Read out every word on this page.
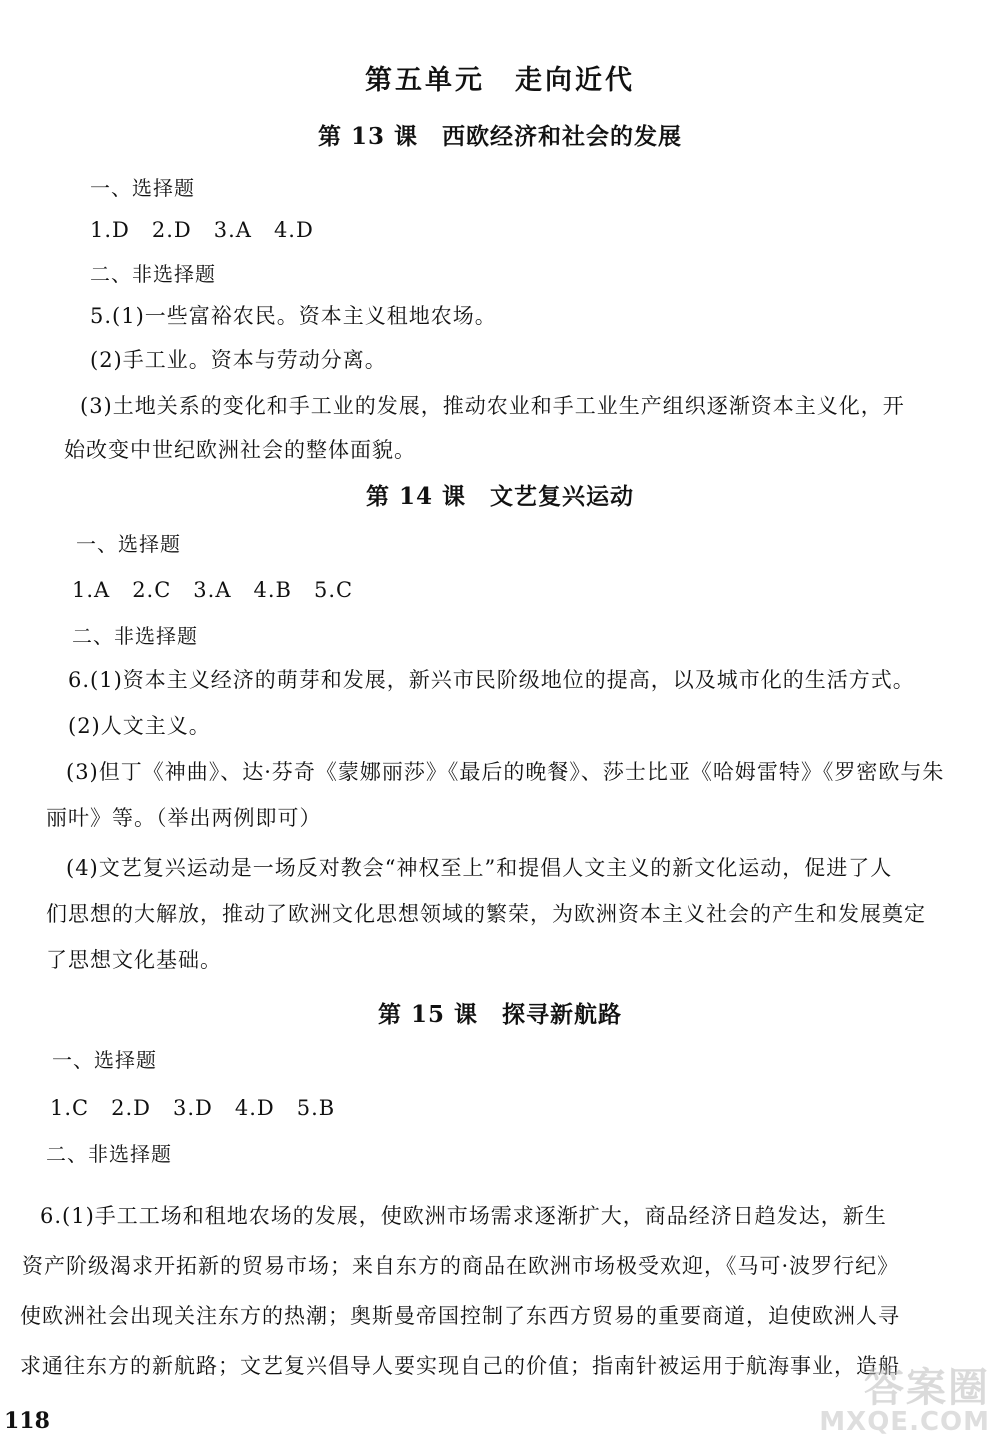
第五单元　走向近代
第 13 课　西欧经济和社会的发展
一、选择题
1.D　2.D　3.A　4.D
二、非选择题
5.(1)一些富裕农民。资本主义租地农场。
(2)手工业。资本与劳动分离。
(3)土地关系的变化和手工业的发展，推动农业和手工业生产组织逐渐资本主义化，开
始改变中世纪欧洲社会的整体面貌。
第 14 课　文艺复兴运动
一、选择题
1.A　2.C　3.A　4.B　5.C
二、非选择题
6.(1)资本主义经济的萌芽和发展，新兴市民阶级地位的提高，以及城市化的生活方式。
(2)人文主义。
(3)但丁《神曲》、达·芬奇《蒙娜丽莎》《最后的晚餐》、莎士比亚《哈姆雷特》《罗密欧与朱
丽叶》等。（举出两例即可）
(4)文艺复兴运动是一场反对教会“神权至上”和提倡人文主义的新文化运动，促进了人
们思想的大解放，推动了欧洲文化思想领域的繁荣，为欧洲资本主义社会的产生和发展奠定
了思想文化基础。
第 15 课　探寻新航路
一、选择题
1.C　2.D　3.D　4.D　5.B
二、非选择题
6.(1)手工工场和租地农场的发展，使欧洲市场需求逐渐扩大，商品经济日趋发达，新生
资产阶级渴求开拓新的贸易市场；来自东方的商品在欧洲市场极受欢迎，《马可·波罗行纪》
使欧洲社会出现关注东方的热潮；奥斯曼帝国控制了东西方贸易的重要商道，迫使欧洲人寻
求通往东方的新航路；文艺复兴倡导人要实现自己的价值；指南针被运用于航海事业，造船
118
答案圈
MXQE.COM
